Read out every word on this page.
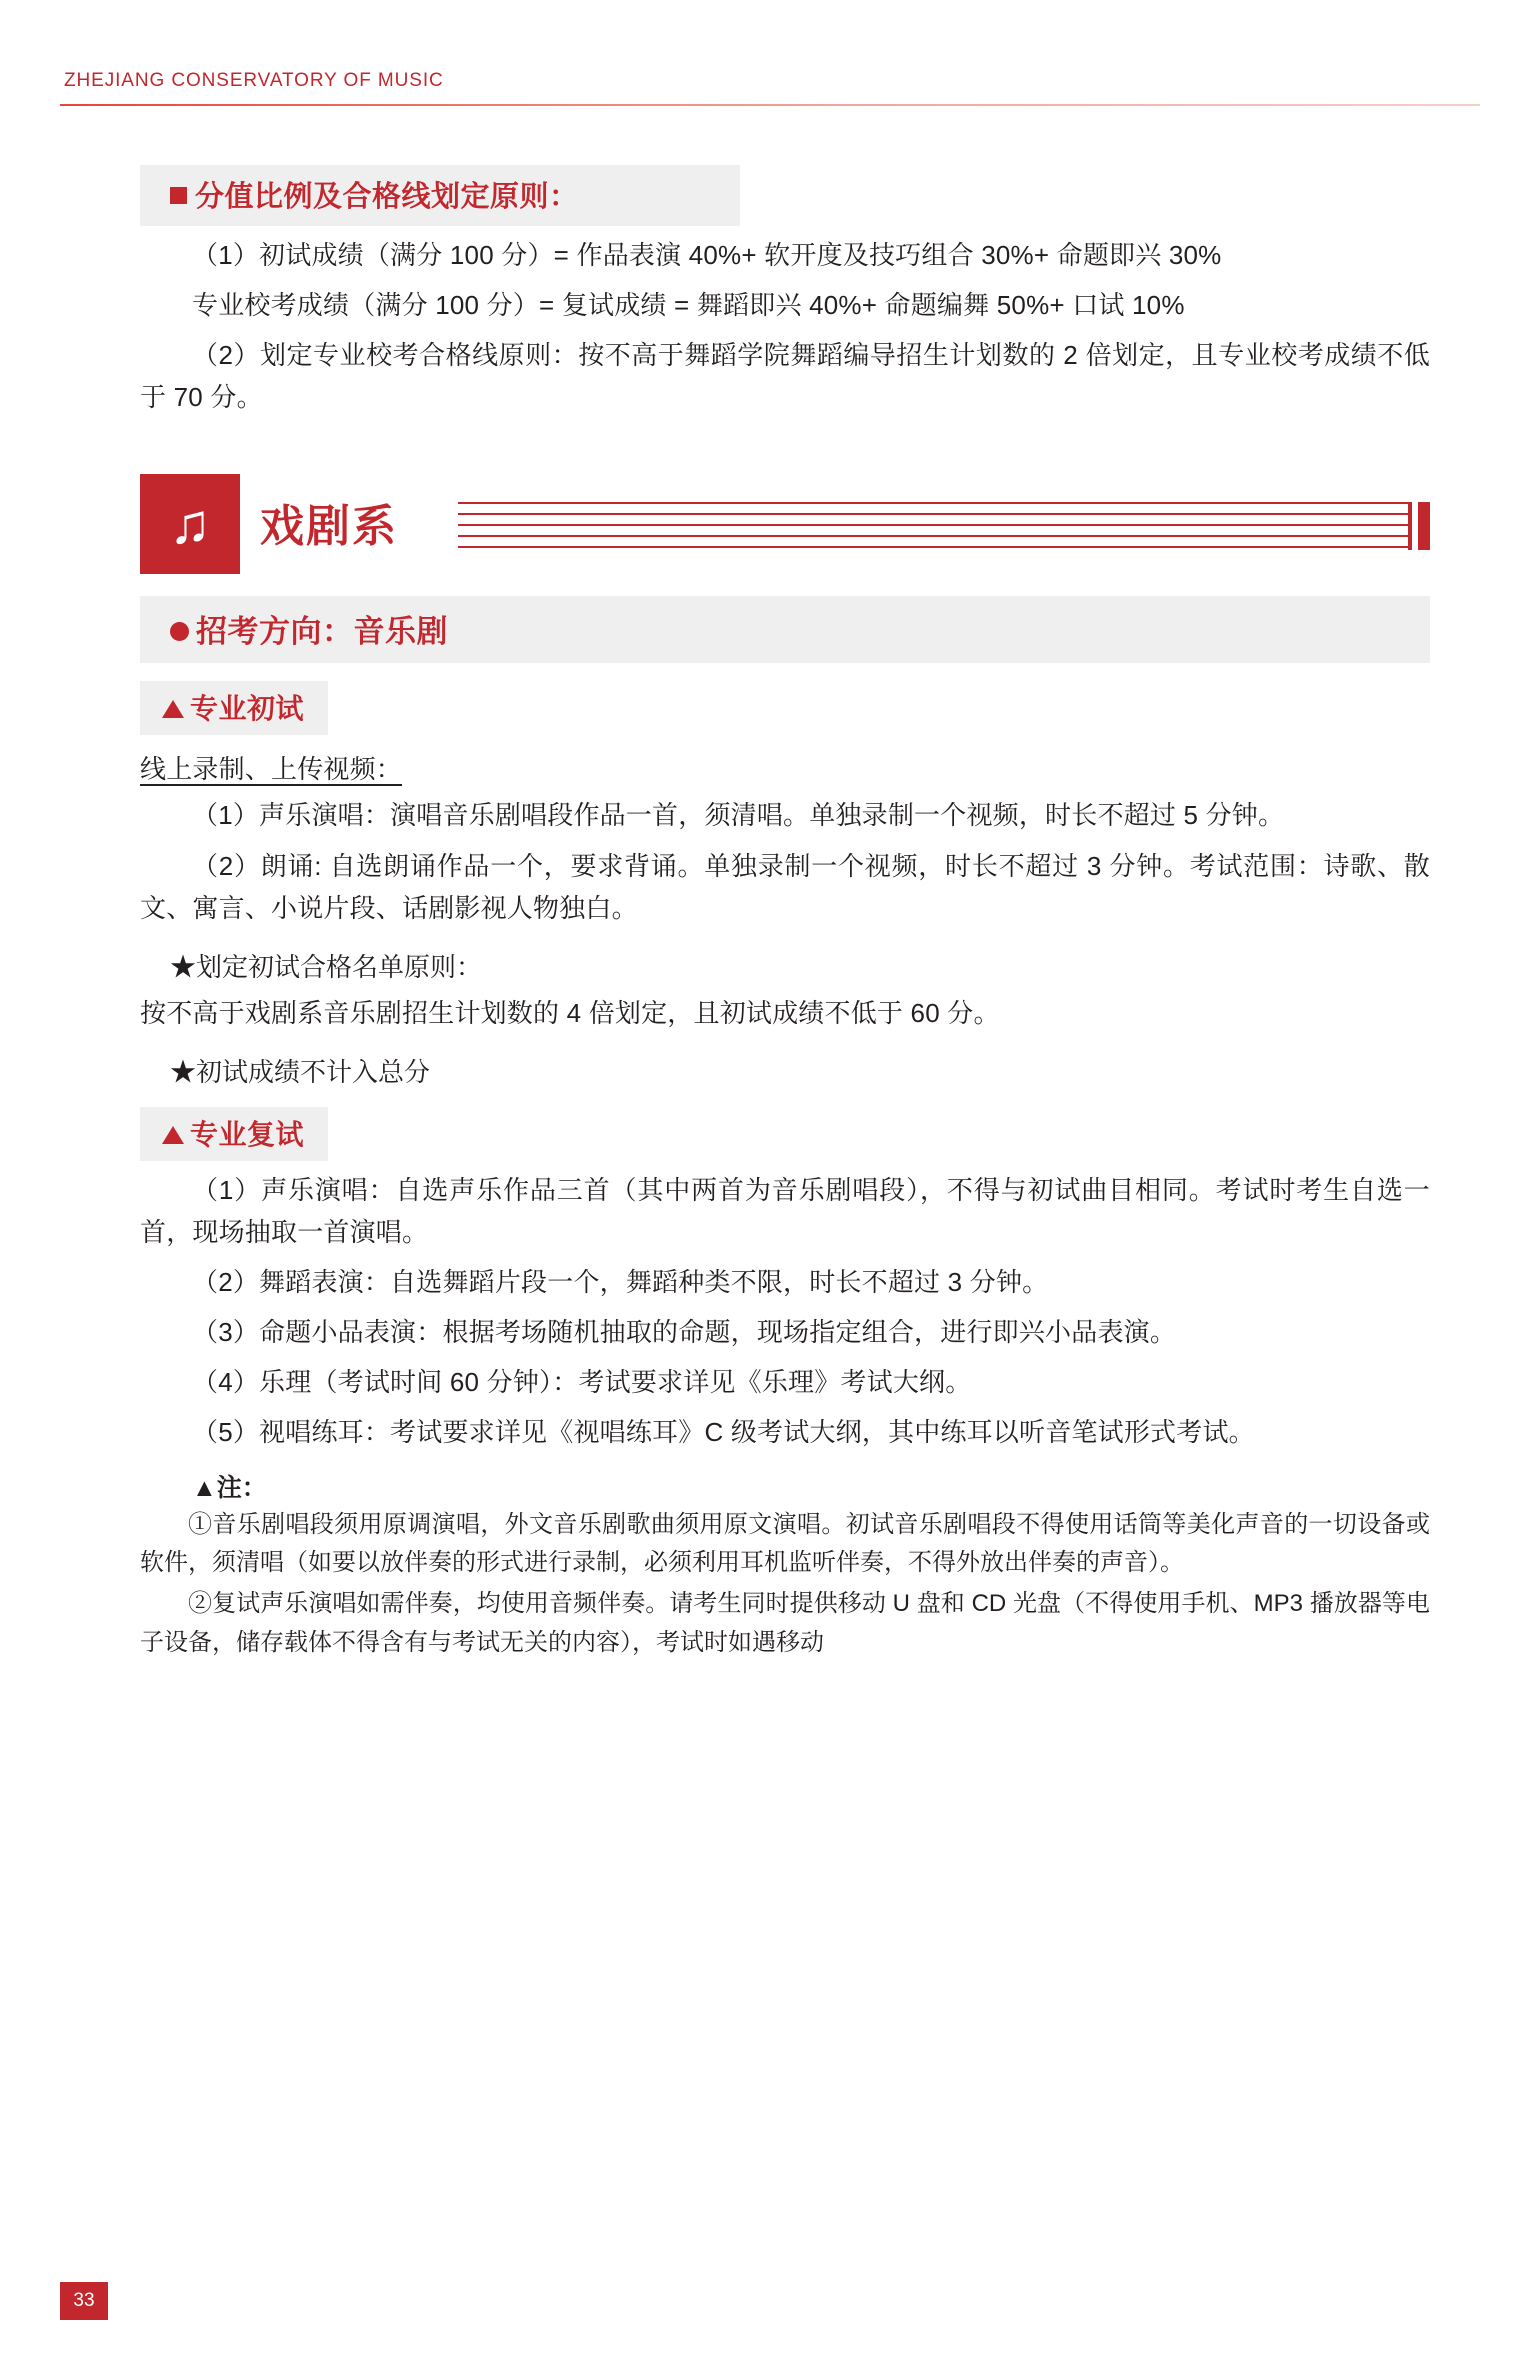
ZHEJIANG CONSERVATORY OF MUSIC
分值比例及合格线划定原则：

（1）初试成绩（满分 100 分）= 作品表演 40%+ 软开度及技巧组合 30%+ 命题即兴 30%

专业校考成绩（满分 100 分）= 复试成绩 = 舞蹈即兴 40%+ 命题编舞 50%+ 口试 10%

（2）划定专业校考合格线原则：按不高于舞蹈学院舞蹈编导招生计划数的 2 倍划定，且专业校考成绩不低于 70 分。

♫ 戏剧系
招考方向：音乐剧
专业初试

线上录制、上传视频：

（1）声乐演唱：演唱音乐剧唱段作品一首，须清唱。单独录制一个视频，时长不超过 5 分钟。

（2）朗诵: 自选朗诵作品一个，要求背诵。单独录制一个视频，时长不超过 3 分钟。考试范围：诗歌、散文、寓言、小说片段、话剧影视人物独白。

★划定初试合格名单原则：

按不高于戏剧系音乐剧招生计划数的 4 倍划定，且初试成绩不低于 60 分。

★初试成绩不计入总分

专业复试

（1）声乐演唱：自选声乐作品三首（其中两首为音乐剧唱段），不得与初试曲目相同。考试时考生自选一首，现场抽取一首演唱。

（2）舞蹈表演：自选舞蹈片段一个，舞蹈种类不限，时长不超过 3 分钟。

（3）命题小品表演：根据考场随机抽取的命题，现场指定组合，进行即兴小品表演。

（4）乐理（考试时间 60 分钟）：考试要求详见《乐理》考试大纲。

（5）视唱练耳：考试要求详见《视唱练耳》C 级考试大纲，其中练耳以听音笔试形式考试。

▲注：

①音乐剧唱段须用原调演唱，外文音乐剧歌曲须用原文演唱。初试音乐剧唱段不得使用话筒等美化声音的一切设备或软件，须清唱（如要以放伴奏的形式进行录制，必须利用耳机监听伴奏，不得外放出伴奏的声音）。

②复试声乐演唱如需伴奏，均使用音频伴奏。请考生同时提供移动 U 盘和 CD 光盘（不得使用手机、MP3 播放器等电子设备，储存载体不得含有与考试无关的内容），考试时如遇移动

33
